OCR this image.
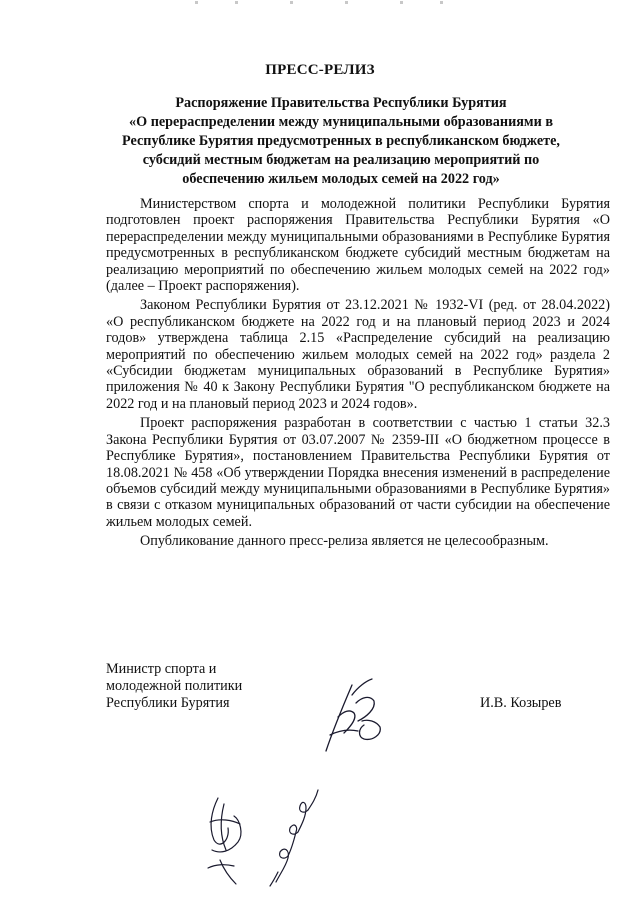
ПРЕСС-РЕЛИЗ
Распоряжение Правительства Республики Бурятия
«О перераспределении между муниципальными образованиями в
Республике Бурятия предусмотренных в республиканском бюджете,
субсидий местным бюджетам на реализацию мероприятий по
обеспечению жильем молодых семей на 2022 год»

Министерством спорта и молодежной политики Республики Бурятия подготовлен проект распоряжения Правительства Республики Бурятия «О перераспределении между муниципальными образованиями в Республике Бурятия предусмотренных в республиканском бюджете субсидий местным бюджетам на реализацию мероприятий по обеспечению жильем молодых семей на 2022 год» (далее – Проект распоряжения).

Законом Республики Бурятия от 23.12.2021 № 1932-VI (ред. от 28.04.2022) «О республиканском бюджете на 2022 год и на плановый период 2023 и 2024 годов» утверждена таблица 2.15 «Распределение субсидий на реализацию мероприятий по обеспечению жильем молодых семей на 2022 год» раздела 2 «Субсидии бюджетам муниципальных образований в Республике Бурятия» приложения № 40 к Закону Республики Бурятия "О республиканском бюджете на 2022 год и на плановый период 2023 и 2024 годов».

Проект распоряжения разработан в соответствии с частью 1 статьи 32.3 Закона Республики Бурятия от 03.07.2007 № 2359-III «О бюджетном процессе в Республике Бурятия», постановлением Правительства Республики Бурятия от 18.08.2021 № 458 «Об утверждении Порядка внесения изменений в распределение объемов субсидий между муниципальными образованиями в Республике Бурятия» в связи с отказом муниципальных образований от части субсидии на обеспечение жильем молодых семей.

Опубликование данного пресс-релиза является не целесообразным.

Министр спорта и
молодежной политики
Республики Бурятия	И.В. Козырев
